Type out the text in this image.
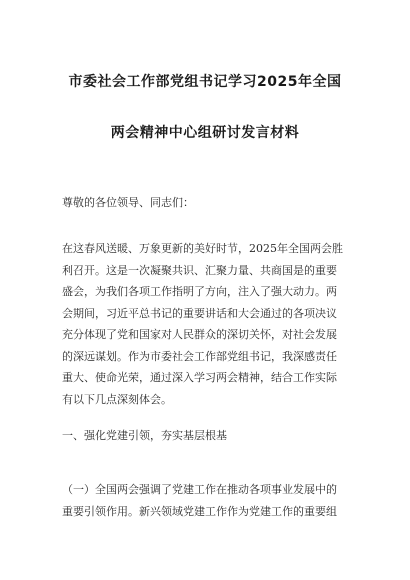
市委社会工作部党组书记学习2025年全国
两会精神中心组研讨发言材料

尊敬的各位领导、同志们：

在这春风送暖、万象更新的美好时节，2025年全国两会胜
利召开。这是一次凝聚共识、汇聚力量、共商国是的重要
盛会，为我们各项工作指明了方向，注入了强大动力。两
会期间，习近平总书记的重要讲话和大会通过的各项决议
充分体现了党和国家对人民群众的深切关怀，对社会发展
的深远谋划。作为市委社会工作部党组书记，我深感责任
重大、使命光荣，通过深入学习两会精神，结合工作实际
有以下几点深刻体会。

一、强化党建引领，夯实基层根基

（一）全国两会强调了党建工作在推动各项事业发展中的
重要引领作用。新兴领域党建工作作为党建工作的重要组
